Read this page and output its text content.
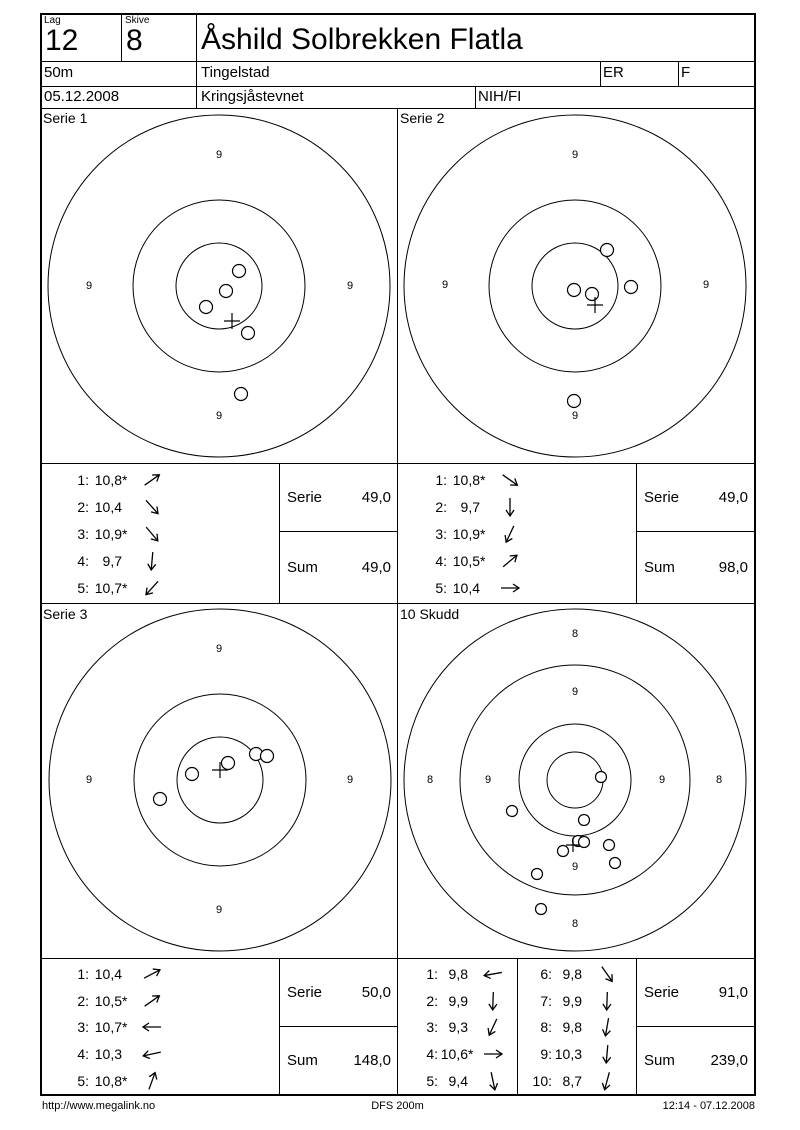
Lag
12
Skive
8 Åshild Solbrekken Flatla
50m	Tingelstad	ER	F
05.12.2008	Kringsjåstevnet	NIH/FI
Serie 1	Serie 2
Serie 3	10 Skudd
9
9	9
9
9
9	9
9
9
9	9
9
8
9
8	9	9	8
9
8
1: 10,8 *
2: 10,4
3: 10,9 *
4: 9,7
5: 10,7 *
1: 10,8 *
2: 9,7
3: 10,9 *
4: 10,5 *
5: 10,4
1: 10,4
2: 10,5 *
3: 10,7 *
4: 10,3
5: 10,8 *
1: 9,8
2: 9,9
3: 9,3
4: 10,6 *
5: 9,4
6: 9,8
7: 9,9
8: 9,8
9: 10,3
10: 8,7
Serie	49,0
Sum	49,0
Serie	49,0
Sum	98,0
Serie	50,0
Sum 148,0
Serie	91,0
Sum 239,0
http://www.megalink.no	DFS 200m	12:14 - 07.12.2008
